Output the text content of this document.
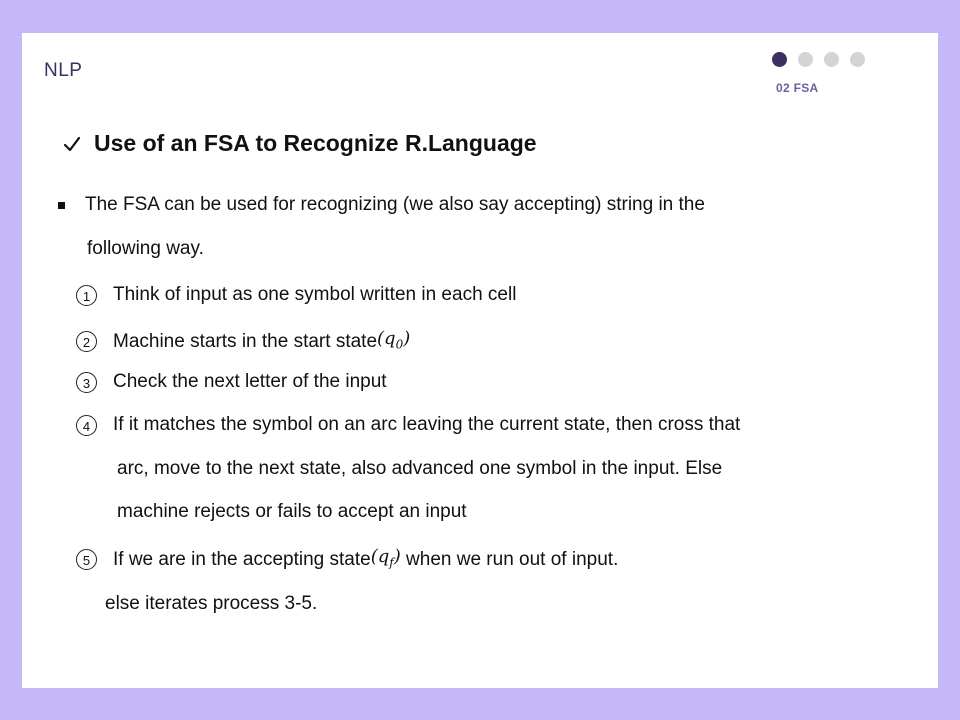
NLP
02 FSA
Use of an FSA to Recognize R.Language
The FSA can be used for recognizing (we also say accepting) string in the
following way.
1	Think of input as one symbol written in each cell
2	Machine starts in the start state $(q_0)$
3	Check the next letter of the input
4	If it matches the symbol on an arc leaving the current state, then cross that
arc, move to the next state, also advanced one symbol in the input. Else
machine rejects or fails to accept an input
5	If we are in the accepting state $(q_f)$ when we run out of input.
else iterates process 3-5.
